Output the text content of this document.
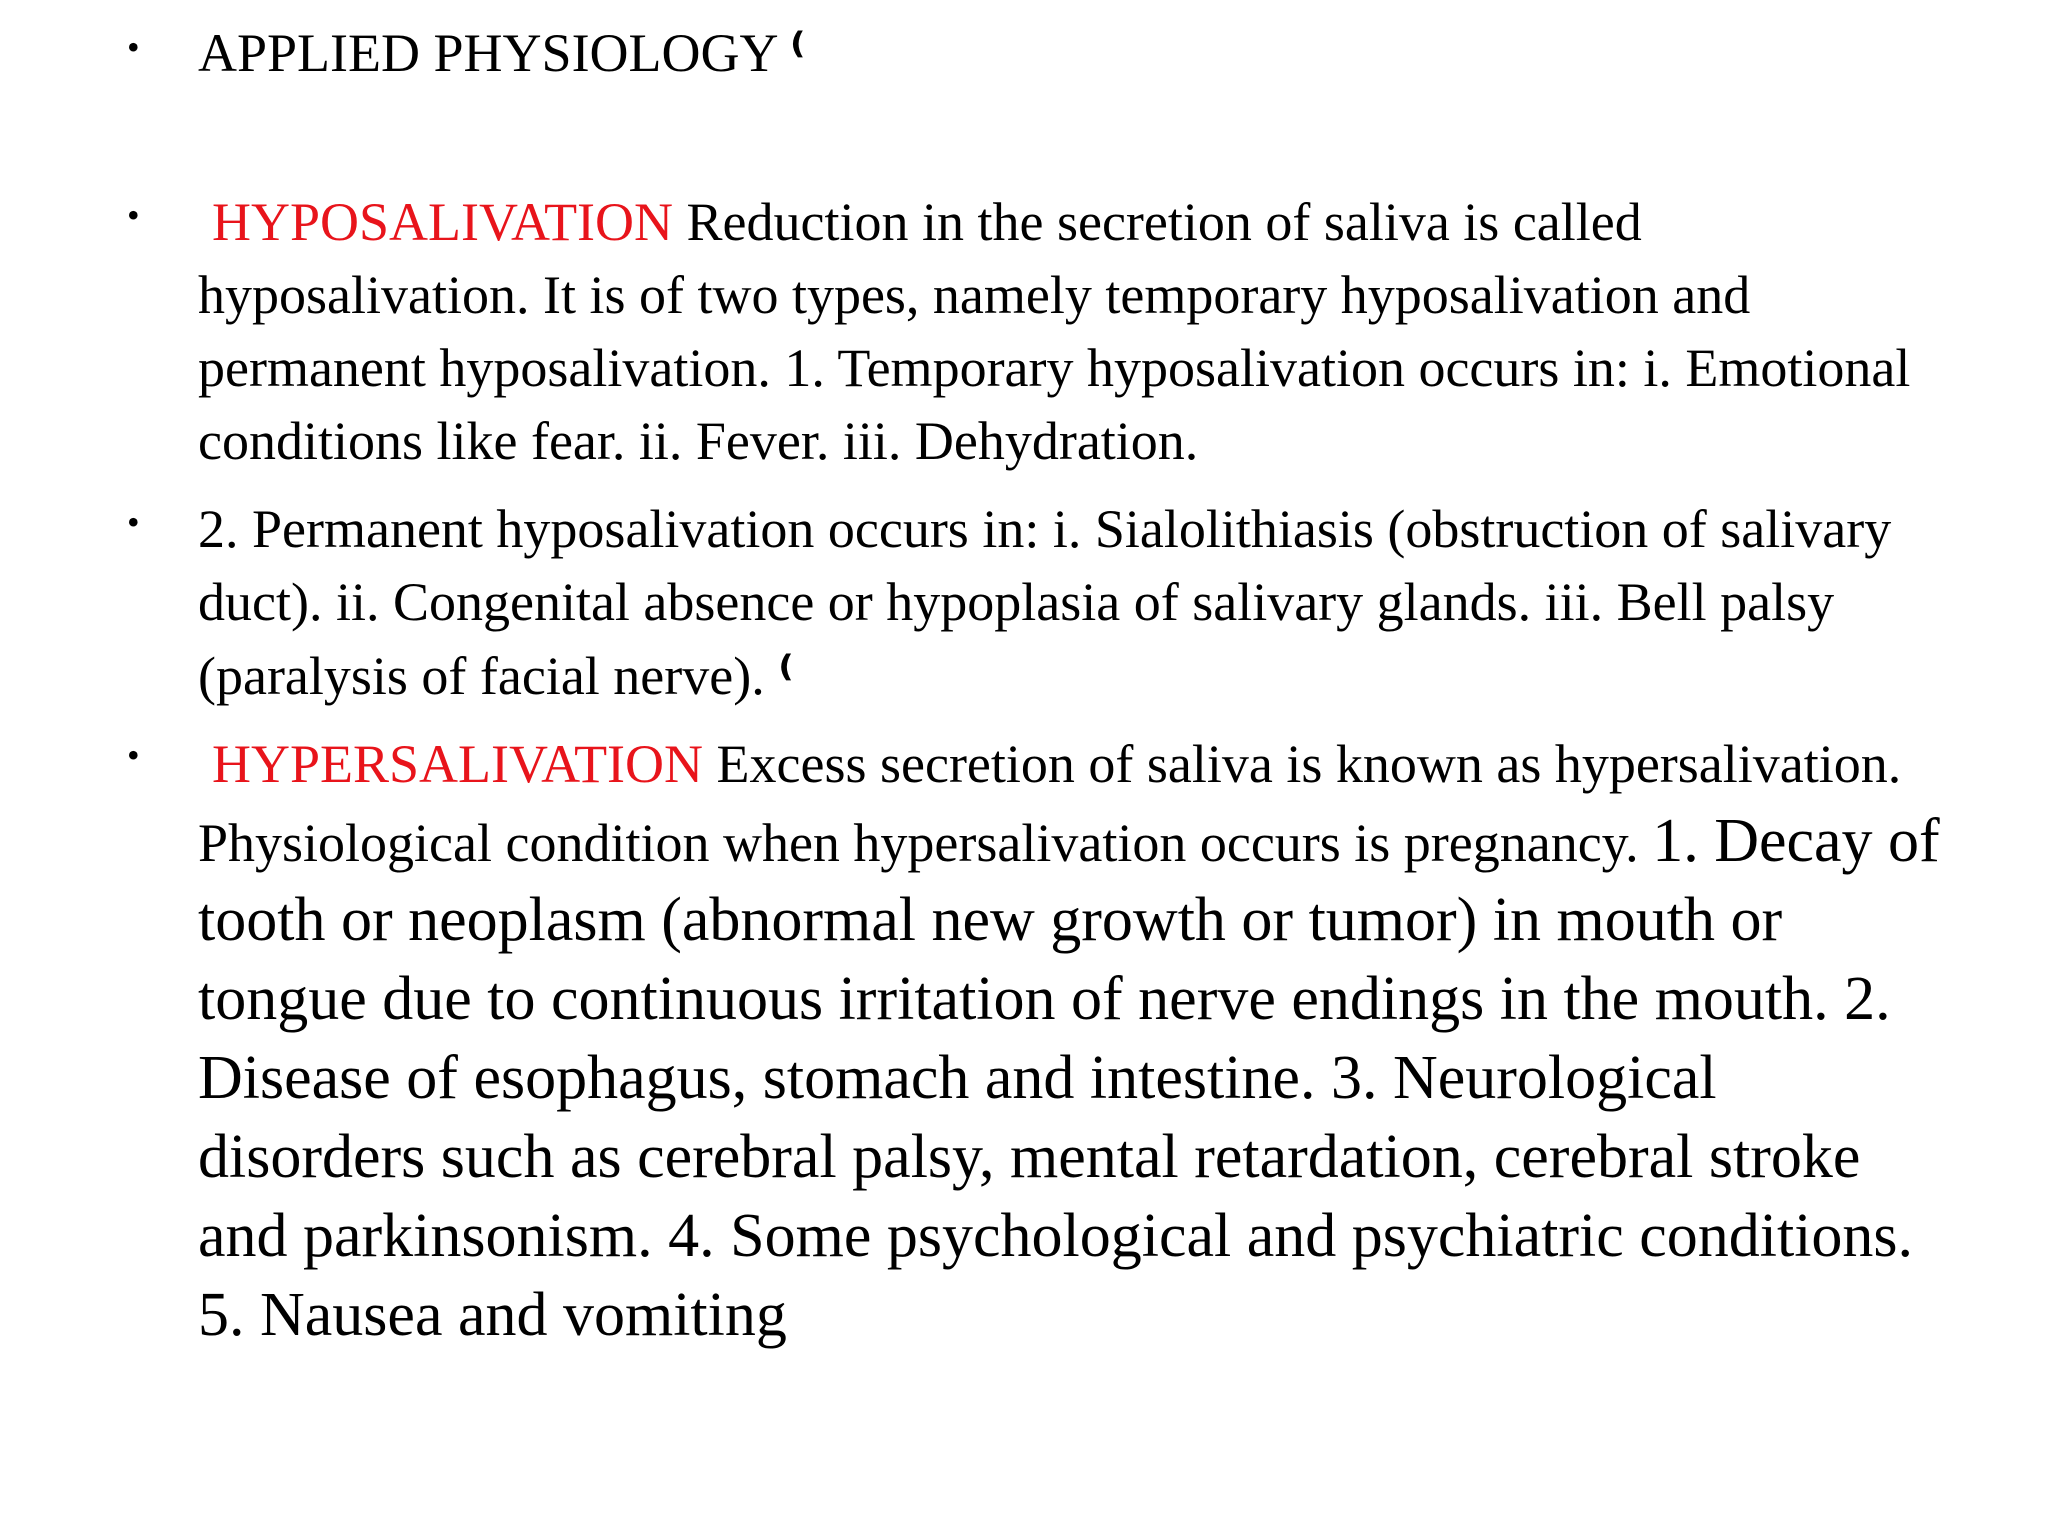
• APPLIED PHYSIOLOGY ⁽

• HYPOSALIVATION Reduction in the secretion of saliva is called hyposalivation. It is of two types, namely temporary hyposalivation and permanent hyposalivation. 1. Temporary hyposalivation occurs in: i. Emotional conditions like fear. ii. Fever. iii. Dehydration.

• 2. Permanent hyposalivation occurs in: i. Sialolithiasis (obstruction of salivary duct). ii. Congenital absence or hypoplasia of salivary glands. iii. Bell palsy (paralysis of facial nerve). ⁽

• HYPERSALIVATION Excess secretion of saliva is known as hypersalivation. Physiological condition when hypersalivation occurs is pregnancy. 1. Decay of tooth or neoplasm (abnormal new growth or tumor) in mouth or tongue due to continuous irritation of nerve endings in the mouth. 2. Disease of esophagus, stomach and intestine. 3. Neurological disorders such as cerebral palsy, mental retardation, cerebral stroke and parkinsonism. 4. Some psychological and psychiatric conditions. 5. Nausea and vomiting
